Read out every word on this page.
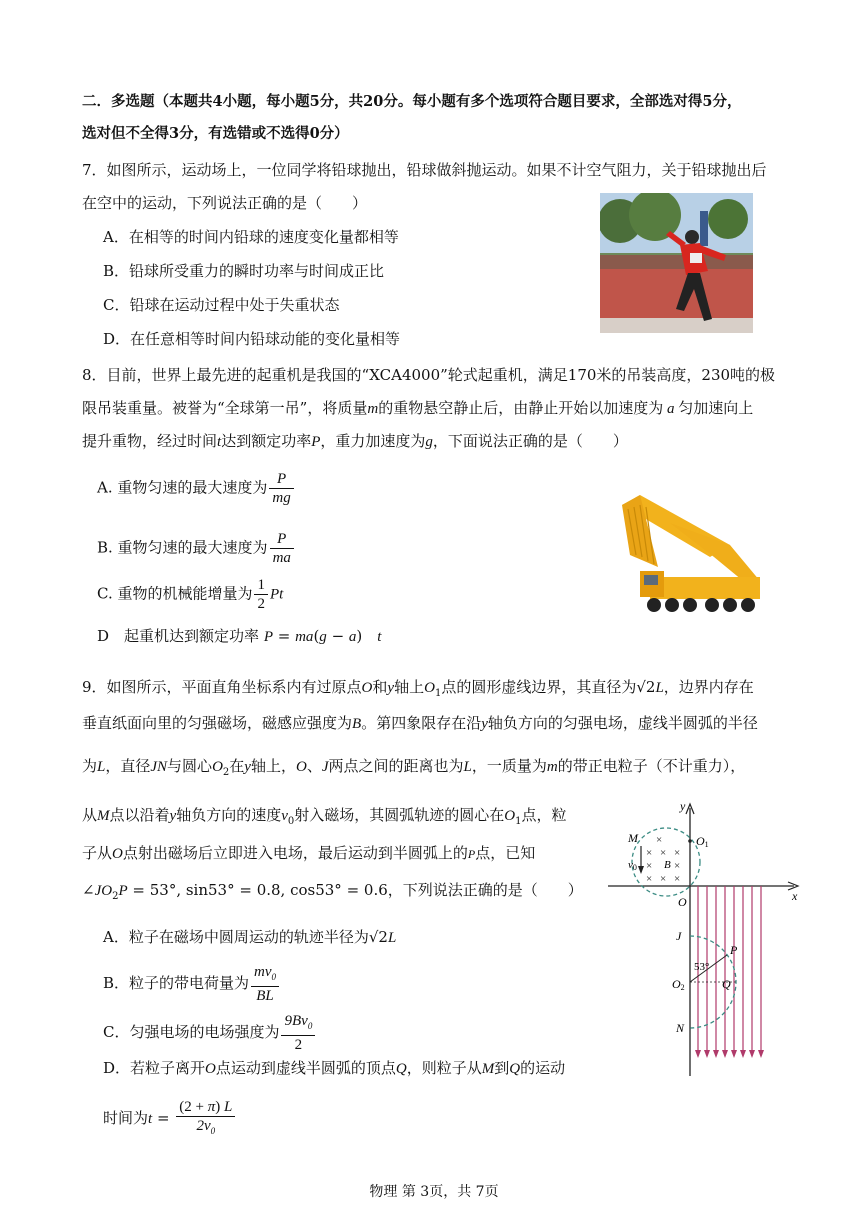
二．多选题（本题共4小题，每小题5分，共20分。每小题有多个选项符合题目要求，全部选对得5分，
选对但不全得3分，有选错或不选得0分）
7．如图所示，运动场上，一位同学将铅球抛出，铅球做斜抛运动。如果不计空气阻力，关于铅球抛出后
在空中的运动，下列说法正确的是（　　）
A．在相等的时间内铅球的速度变化量都相等
B．铅球所受重力的瞬时功率与时间成正比
C．铅球在运动过程中处于失重状态
D．在任意相等时间内铅球动能的变化量相等
8．目前，世界上最先进的起重机是我国的“XCA4000”轮式起重机，满足170米的吊装高度，230吨的极
限吊装重量。被誉为“全球第一吊”，将质量m的重物悬空静止后，由静止开始以加速度为 a 匀加速向上
提升重物，经过时间t达到额定功率P，重力加速度为g，下面说法正确的是（　　）
A. 重物匀速的最大速度为 $\frac{P}{mg}$
B. 重物匀速的最大速度为 $\frac{P}{ma}$
C. 重物的机械能增量为 $\frac{1}{2}$ Pt
D　起重机达到额定功率 P = ma(g − a)　t
9．如图所示，平面直角坐标系内有过原点O和y轴上$O_1$点的圆形虚线边界，其直径为√2L，边界内存在
垂直纸面向里的匀强磁场，磁感应强度为B。第四象限存在沿y轴负方向的匀强电场，虚线半圆弧的半径
为L，直径JN与圆心$O_2$在y轴上，O、J两点之间的距离也为L，一质量为m的带正电粒子（不计重力），
从M点以沿着y轴负方向的速度$v_0$射入磁场，其圆弧轨迹的圆心在$O_1$点，粒
子从O点射出磁场后立即进入电场，最后运动到半圆弧上的P点，已知
$\angle JO_2P = 53^\circ$, sin53° = 0.8, cos53° = 0.6，下列说法正确的是（　　）
A．粒子在磁场中圆周运动的轨迹半径为√2L
B．粒子的带电荷量为 $\frac{mv_0}{BL}$
C．匀强电场的电场强度为 $\frac{9Bv_0}{2}$
D．若粒子离开O点运动到虚线半圆弧的顶点Q，则粒子从M到Q的运动
时间为$t = \frac{(2 + \pi) L}{2v_0}$
y
x
×
× × ×
× ×
× × ×
B
M
v0
O1
O
J
P
53°
O2	Q
N
物理 第 3页，共 7页
